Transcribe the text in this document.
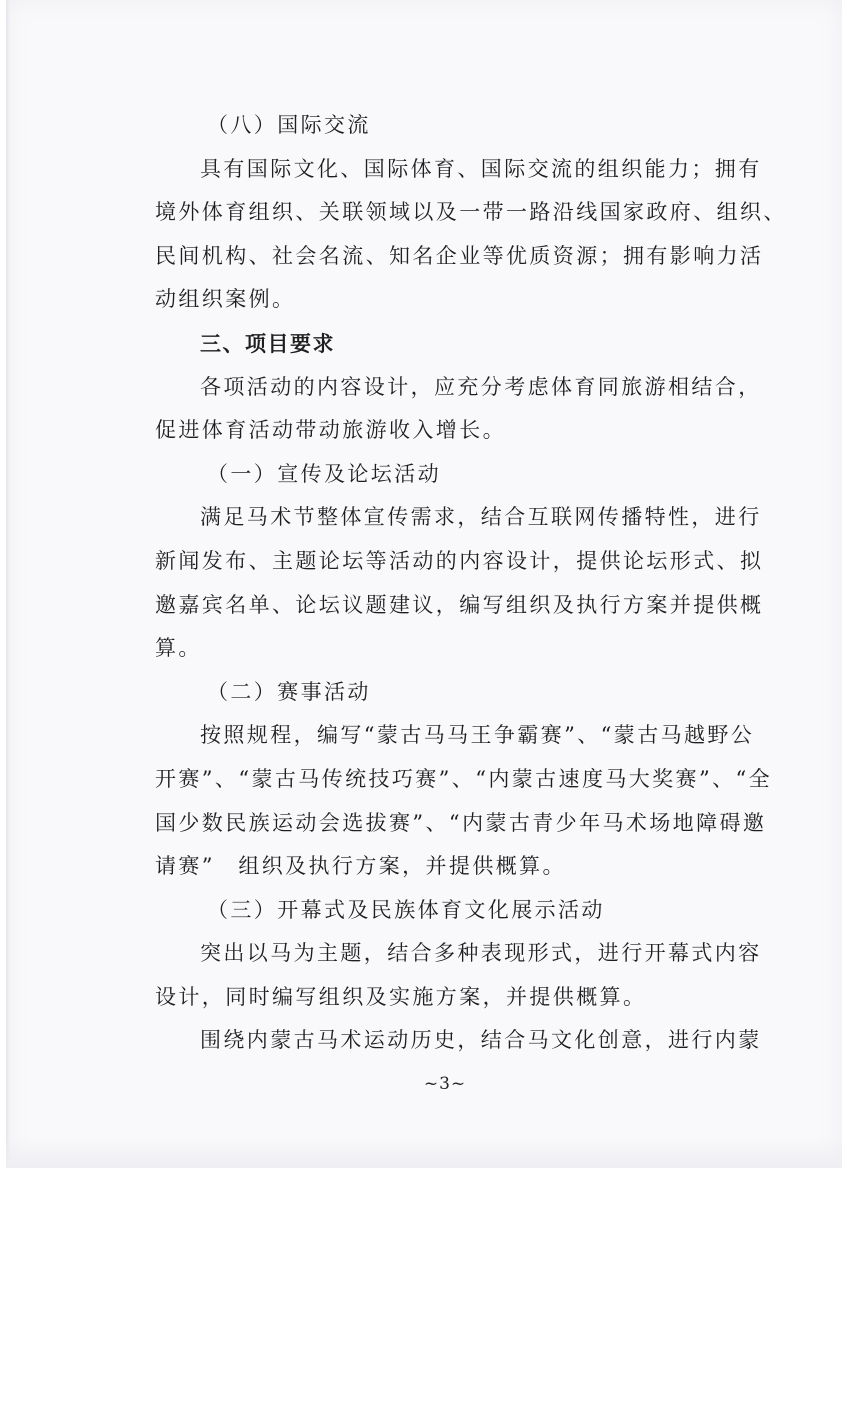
（八）国际交流
具有国际文化、国际体育、国际交流的组织能力；拥有
境外体育组织、关联领域以及一带一路沿线国家政府、组织、
民间机构、社会名流、知名企业等优质资源；拥有影响力活
动组织案例。
三、项目要求
各项活动的内容设计，应充分考虑体育同旅游相结合，
促进体育活动带动旅游收入增长。
（一）宣传及论坛活动
满足马术节整体宣传需求，结合互联网传播特性，进行
新闻发布、主题论坛等活动的内容设计，提供论坛形式、拟
邀嘉宾名单、论坛议题建议，编写组织及执行方案并提供概
算。
（二）赛事活动
按照规程，编写“蒙古马马王争霸赛”、“蒙古马越野公
开赛”、“蒙古马传统技巧赛”、“内蒙古速度马大奖赛”、“全
国少数民族运动会选拔赛”、“内蒙古青少年马术场地障碍邀
请赛”　组织及执行方案，并提供概算。
（三）开幕式及民族体育文化展示活动
突出以马为主题，结合多种表现形式，进行开幕式内容
设计，同时编写组织及实施方案，并提供概算。
围绕内蒙古马术运动历史，结合马文化创意，进行内蒙
~3~
